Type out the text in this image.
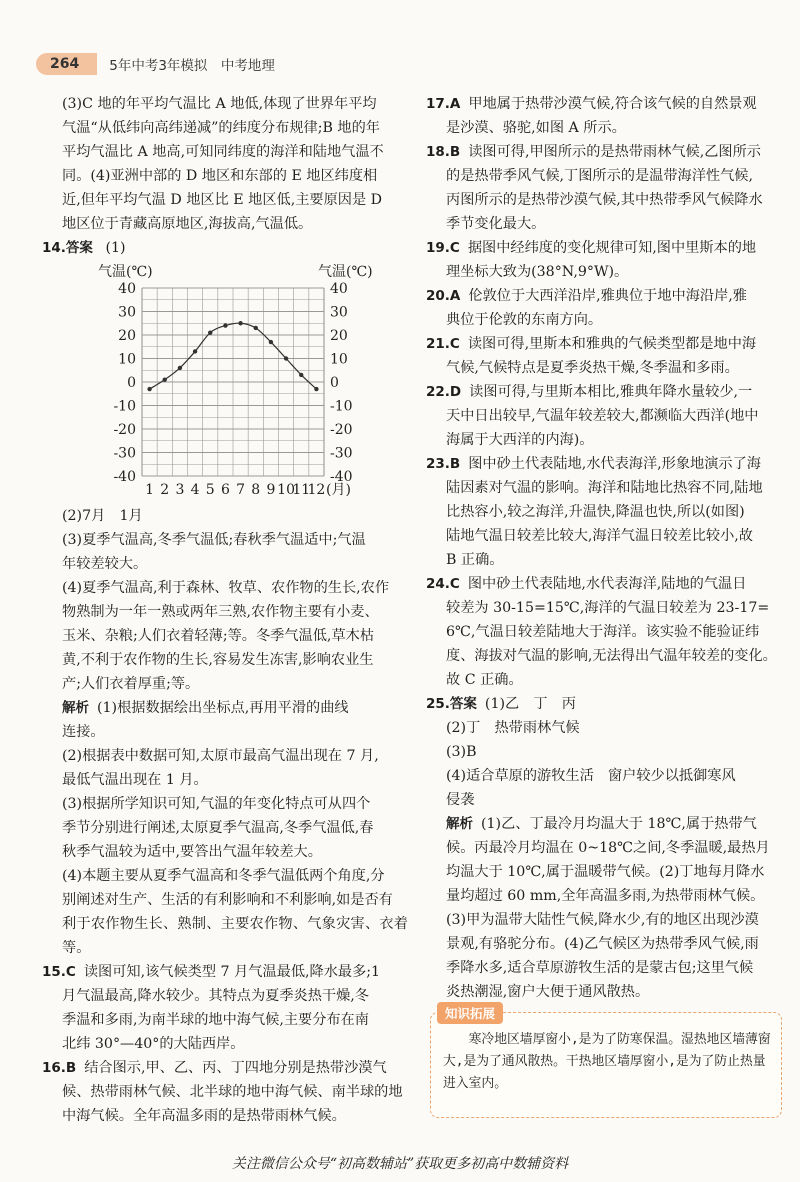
264	5年中考3年模拟　中考地理
(3)C 地的年平均气温比 A 地低,体现了世界年平均
气温“从低纬向高纬递减”的纬度分布规律;B 地的年
平均气温比 A 地高,可知同纬度的海洋和陆地气温不
同。(4)亚洲中部的 D 地区和东部的 E 地区纬度相
近,但年平均气温 D 地区比 E 地区低,主要原因是 D
地区位于青藏高原地区,海拔高,气温低。
14.答案 (1)
40	40
30	30
20	20
10	10
0	0
-10	-10
-20	-20
-30	-30
-40	-40
气温(℃)	气温(℃)
1 2 3 4 5 6 7 8 9 10
11
12 (月)
(2)7月　1月
(3)夏季气温高,冬季气温低;春秋季气温适中;气温
年较差较大。
(4)夏季气温高,利于森林、牧草、农作物的生长,农作
物熟制为一年一熟或两年三熟,农作物主要有小麦、
玉米、杂粮;人们衣着轻薄;等。冬季气温低,草木枯
黄,不利于农作物的生长,容易发生冻害,影响农业生
产;人们衣着厚重;等。
解析 (1)根据数据绘出坐标点,再用平滑的曲线
连接。
(2)根据表中数据可知,太原市最高气温出现在 7 月,
最低气温出现在 1 月。
(3)根据所学知识可知,气温的年变化特点可从四个
季节分别进行阐述,太原夏季气温高,冬季气温低,春
秋季气温较为适中,要答出气温年较差大。
(4)本题主要从夏季气温高和冬季气温低两个角度,分
别阐述对生产、生活的有利影响和不利影响,如是否有
利于农作物生长、熟制、主要农作物、气象灾害、衣着等。
15.C 读图可知,该气候类型 7 月气温最低,降水最多;1
月气温最高,降水较少。其特点为夏季炎热干燥,冬
季温和多雨,为南半球的地中海气候,主要分布在南
北纬 30°—40°的大陆西岸。
16.B 结合图示,甲、乙、丙、丁四地分别是热带沙漠气
候、热带雨林气候、北半球的地中海气候、南半球的地
中海气候。全年高温多雨的是热带雨林气候。
17.A 甲地属于热带沙漠气候,符合该气候的自然景观
是沙漠、骆驼,如图 A 所示。
18.B 读图可得,甲图所示的是热带雨林气候,乙图所示
的是热带季风气候,丁图所示的是温带海洋性气候,
丙图所示的是热带沙漠气候,其中热带季风气候降水
季节变化最大。
19.C 据图中经纬度的变化规律可知,图中里斯本的地
理坐标大致为(38°N,9°W)。
20.A 伦敦位于大西洋沿岸,雅典位于地中海沿岸,雅
典位于伦敦的东南方向。
21.C 读图可得,里斯本和雅典的气候类型都是地中海
气候,气候特点是夏季炎热干燥,冬季温和多雨。
22.D 读图可得,与里斯本相比,雅典年降水量较少,一
天中日出较早,气温年较差较大,都濒临大西洋(地中
海属于大西洋的内海)。
23.B 图中砂土代表陆地,水代表海洋,形象地演示了海
陆因素对气温的影响。海洋和陆地比热容不同,陆地
比热容小,较之海洋,升温快,降温也快,所以(如图)
陆地气温日较差比较大,海洋气温日较差比较小,故
B 正确。
24.C 图中砂土代表陆地,水代表海洋,陆地的气温日
较差为 30-15=15℃,海洋的气温日较差为 23-17=
6℃,气温日较差陆地大于海洋。该实验不能验证纬
度、海拔对气温的影响,无法得出气温年较差的变化。
故 C 正确。
25.答案 (1)乙　丁　丙
(2)丁　热带雨林气候
(3)B
(4)适合草原的游牧生活　窗户较少以抵御寒风
侵袭
解析 (1)乙、丁最冷月均温大于 18℃,属于热带气
候。丙最冷月均温在 0~18℃之间,冬季温暖,最热月
均温大于 10℃,属于温暖带气候。(2)丁地每月降水
量均超过 60 mm,全年高温多雨,为热带雨林气候。
(3)甲为温带大陆性气候,降水少,有的地区出现沙漠
景观,有骆驼分布。(4)乙气候区为热带季风气候,雨
季降水多,适合草原游牧生活的是蒙古包;这里气候
炎热潮湿,窗户大便于通风散热。
知识拓展
寒冷地区墙厚窗小,是为了防寒保温。湿热地区墙薄窗大,是为了通风散热。干热地区墙厚窗小,是为了防止热量进入室内。
关注微信公众号“初高数辅站”获取更多初高中数辅资料
